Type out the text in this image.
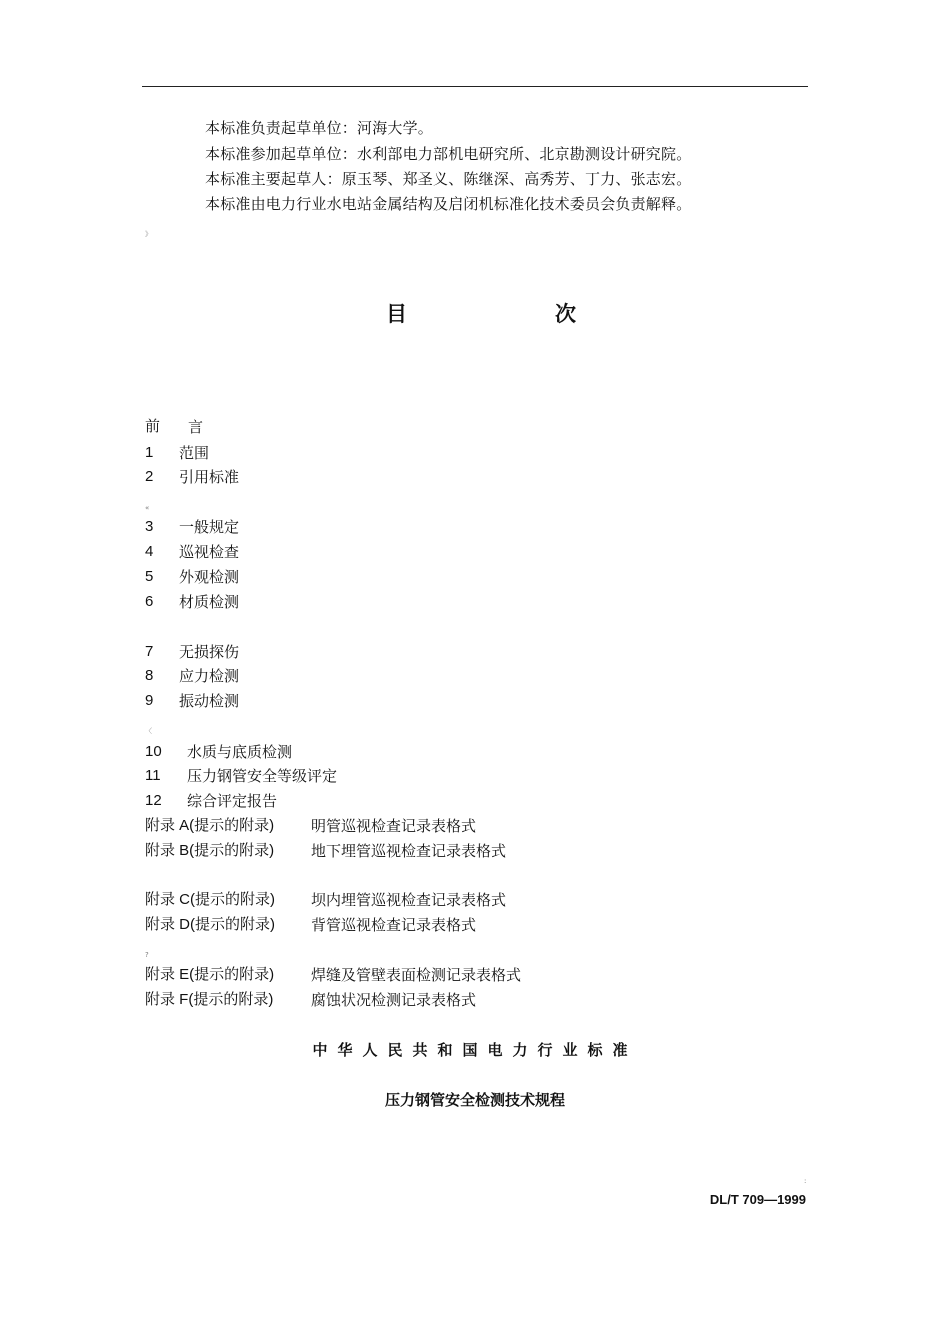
本标准负责起草单位：河海大学。
本标准参加起草单位：水利部电力部机电研究所、北京勘测设计研究院。
本标准主要起草人：原玉琴、郑圣义、陈继深、高秀芳、丁力、张志宏。
本标准由电力行业水电站金属结构及启闭机标准化技术委员会负责解释。
》
目	次
前 言
1 范围
2 引用标准
«
3 一般规定
4 巡视检查
5 外观检测
6 材质检测
7 无损探伤
8 应力检测
9 振动检测
〈
10 水质与底质检测
11 压力钢管安全等级评定
12 综合评定报告
附录 A(提示的附录) 明管巡视检查记录表格式
附录 B(提示的附录) 地下埋管巡视检查记录表格式
附录 C(提示的附录) 坝内埋管巡视检查记录表格式
附录 D(提示的附录) 背管巡视检查记录表格式
?
附录 E(提示的附录) 焊缝及管壁表面检测记录表格式
附录 F(提示的附录)	腐蚀状况检测记录表格式
中华人民共和国电力行业标准
压力钢管安全检测技术规程
:
DL/T 709—1999
